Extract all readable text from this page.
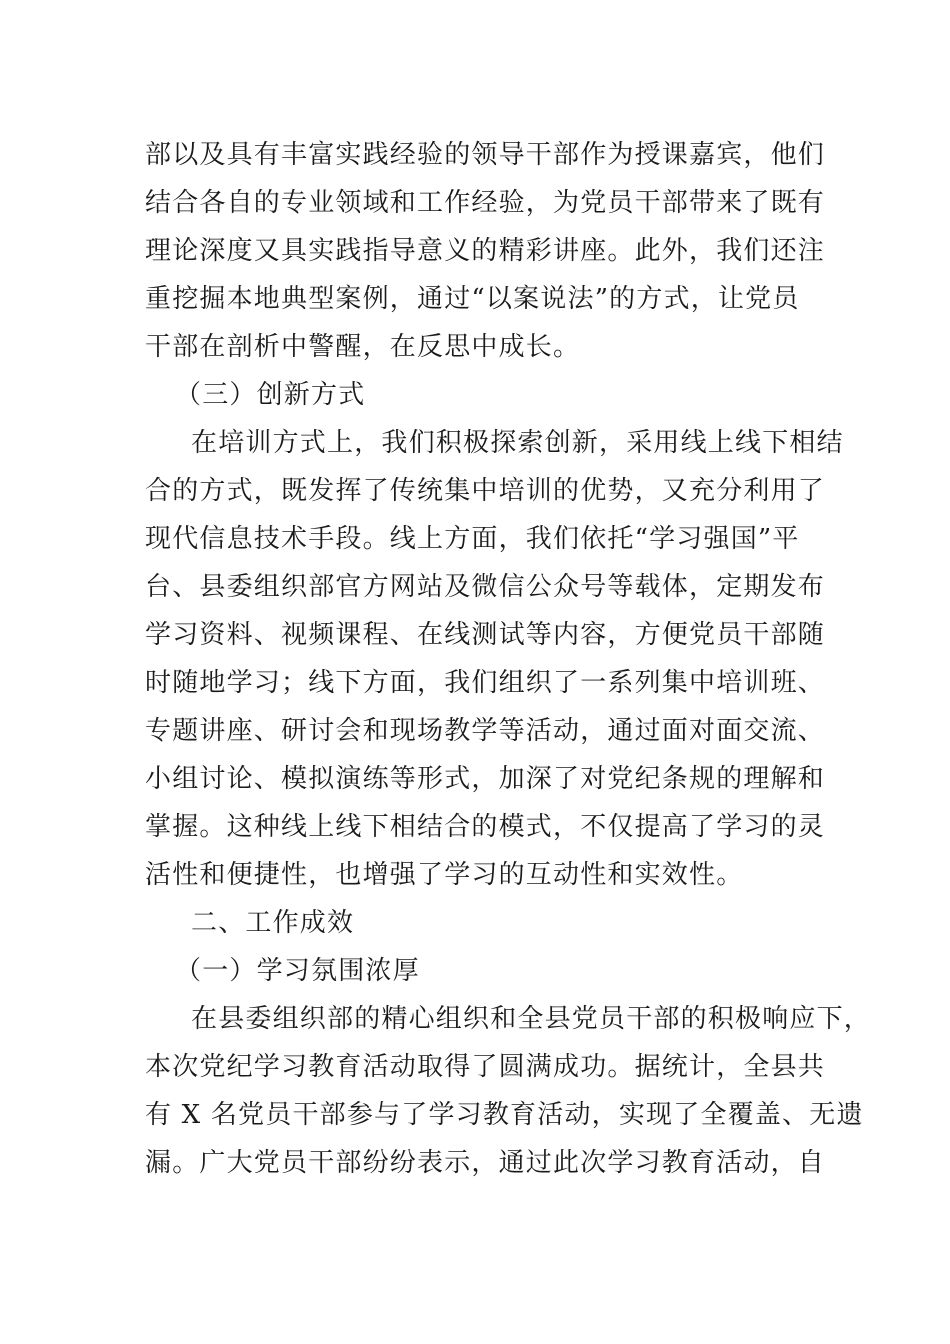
部以及具有丰富实践经验的领导干部作为授课嘉宾，他们
结合各自的专业领域和工作经验，为党员干部带来了既有
理论深度又具实践指导意义的精彩讲座。此外，我们还注
重挖掘本地典型案例，通过“以案说法”的方式，让党员
干部在剖析中警醒，在反思中成长。
（三）创新方式
在培训方式上，我们积极探索创新，采用线上线下相结
合的方式，既发挥了传统集中培训的优势，又充分利用了
现代信息技术手段。线上方面，我们依托“学习强国”平
台、县委组织部官方网站及微信公众号等载体，定期发布
学习资料、视频课程、在线测试等内容，方便党员干部随
时随地学习；线下方面，我们组织了一系列集中培训班、
专题讲座、研讨会和现场教学等活动，通过面对面交流、
小组讨论、模拟演练等形式，加深了对党纪条规的理解和
掌握。这种线上线下相结合的模式，不仅提高了学习的灵
活性和便捷性，也增强了学习的互动性和实效性。
二、工作成效
（一）学习氛围浓厚
在县委组织部的精心组织和全县党员干部的积极响应下，
本次党纪学习教育活动取得了圆满成功。据统计，全县共
有 X 名党员干部参与了学习教育活动，实现了全覆盖、无遗
漏。广大党员干部纷纷表示，通过此次学习教育活动，自
